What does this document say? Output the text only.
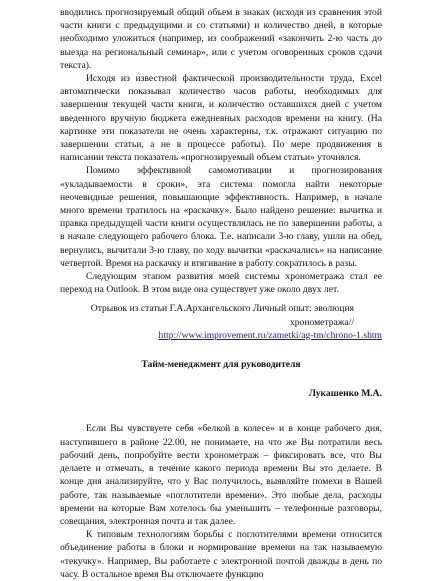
вводились прогнозируемый общий объем в знаках (исходя из сравнения этой части книги с предыдущими и со статьями) и количество дней, в которые необходимо уложиться (например, из соображений «закончить 2-ю часть до выезда на региональный семинар», или с учетом оговоренных сроков сдачи текста).

Исходя из известной фактической производительности труда, Excel автоматически показывал количество часов работы, необходимых для завершения текущей части книги, и количество оставшихся дней с учетом введенного вручную бюджета ежедневных расходов времени на книгу. (На картинке эти показатели не очень характерны, т.к. отражают ситуацию по завершении статьи, а не в процессе работы). По мере продвижения в написании текста показатель «прогнозируемый объем статьи» уточнялся.

Помимо эффективной самомотивации и прогнозирования «укладываемости в сроки», эта система помогла найти некоторые неочевидные решения, повышающие эффективность. Например, в начале много времени тратилось на «раскачку». Было найдено решение: вычитка и правка предыдущей части книги осуществлялась не по завершении работы, а в начале следующего рабочего блока. Т.е. написали 3-ю главу, ушли на обед, вернулись, вычитали 3-ю главу, по ходу вычитки «раскачались» на написание четвертой. Время на раскачку и втягивание в работу сократилось в разы.

Следующим этапом развития моей системы хронометража стал ее переход на Outlook. В этом виде она существует уже около двух лет.

Отрывок из статьи Г.А.Архангельского Личный опыт: эволюция хронометража//
http://www.improvement.ru/zametki/ag-tm/chrono-1.shtm

Тайм-менеджмент для руководителя

Лукашенко М.А.

Если Вы чувствуете себя «белкой в колесе» и в конце рабочего дня, наступившего в районе 22.00, не понимаете, на что же Вы потратили весь рабочий день, попробуйте вести хронометраж – фиксировать все, что Вы делаете и отмечать, в течение какого периода времени Вы это делаете. В конце дня анализируйте, что у Вас получилось, выявляйте помехи в Вашей работе, так называемые «поглотители времени». Это любые дела, расходы времени на которые Вам хотелось бы уменьшить – телефонные разговоры, совещания, электронная почта и так далее.

К типовым технологиям борьбы с поглотителями времени относится объединение работы в блоки и нормирование времени на так называемую «текучку». Например, Вы работаете с электронной почтой дважды в день по часу. В остальное время Вы отключаете функцию
